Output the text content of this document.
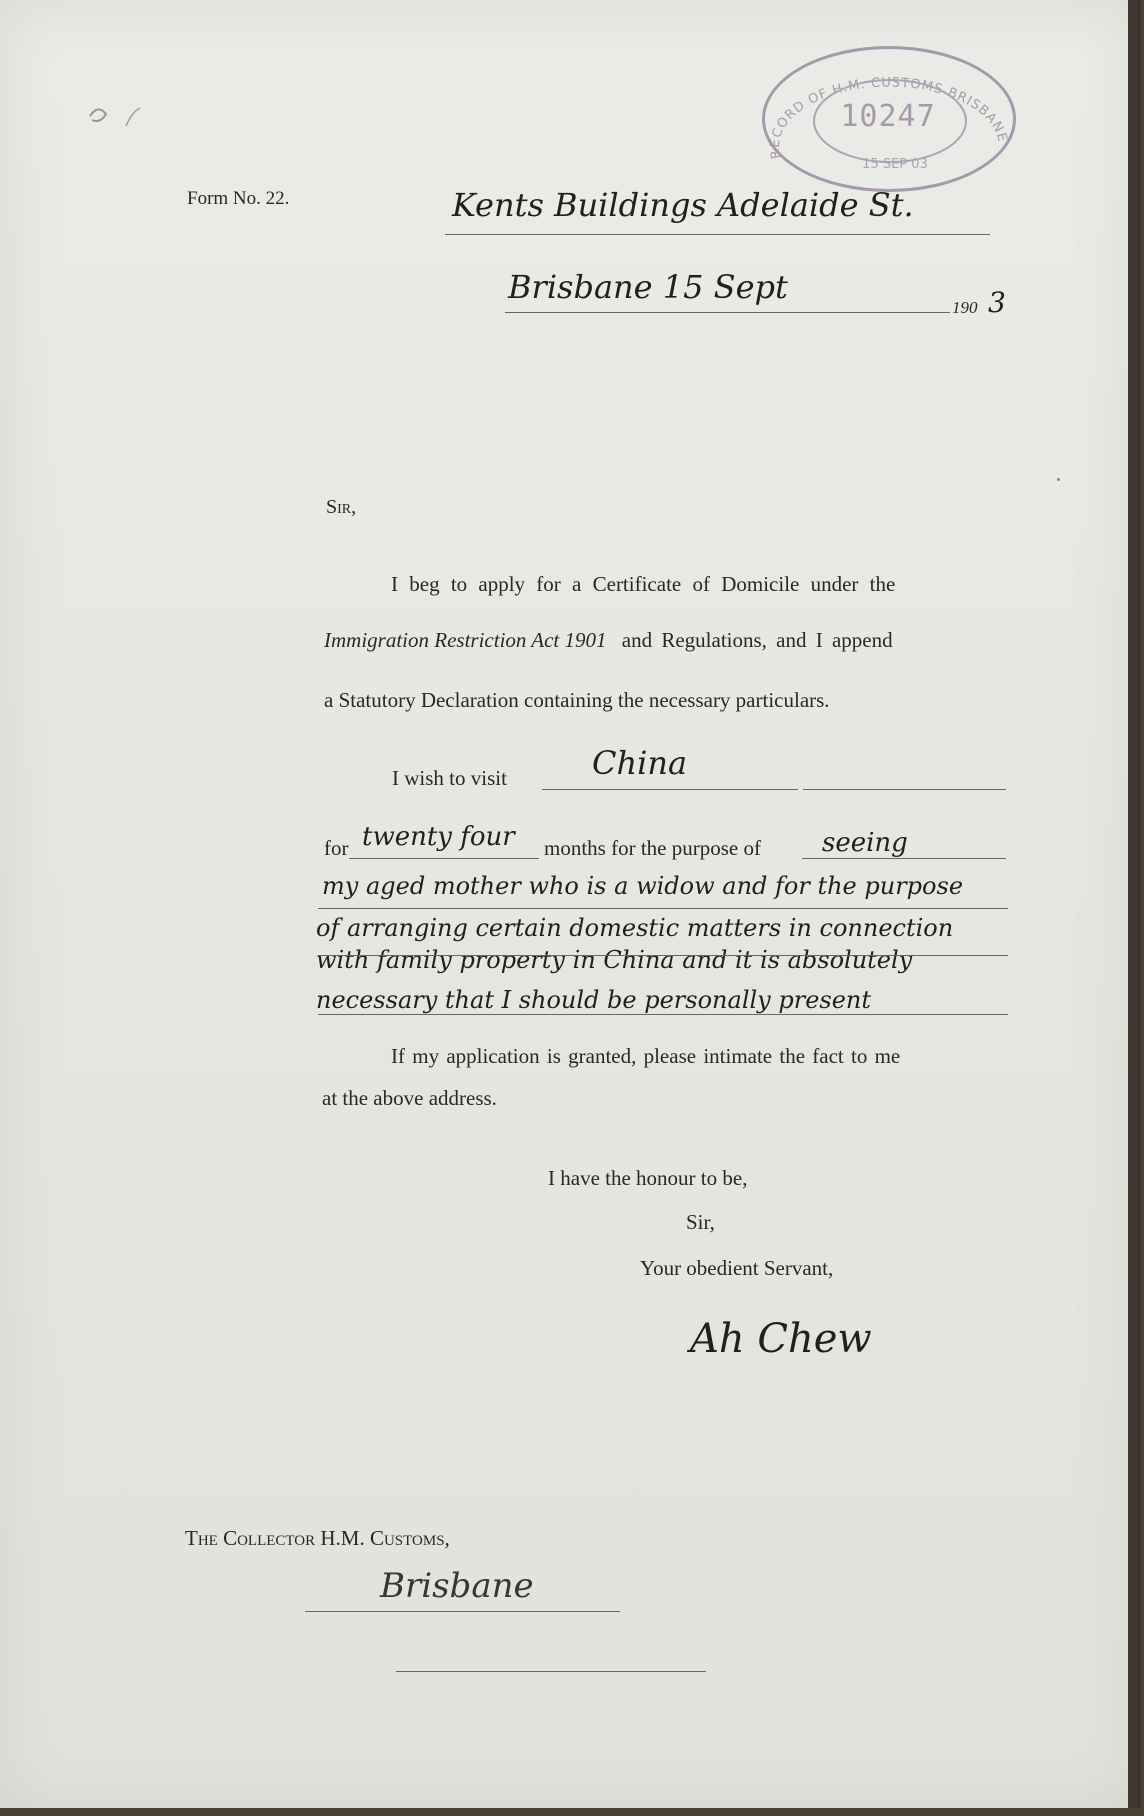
RECORD OF H.M. CUSTOMS BRISBANE
10247
15 SEP 03
Form No. 22.	Kents Buildings Adelaide St.
Brisbane 15 Sept
190 3
Sir,
I beg to apply for a Certificate of Domicile under the
Immigration Restriction Act 1901 and Regulations, and I append
a Statutory Declaration containing the necessary particulars.
I wish to visit	China
for twenty four months for the purpose of seeing
my aged mother who is a widow and for the purpose
of arranging certain domestic matters in connection
with family property in China and it is absolutely
necessary that I should be personally present
If my application is granted, please intimate the fact to me
at the above address.
I have the honour to be,
Sir,
Your obedient Servant,
Ah Chew
The Collector H.M. Customs,
Brisbane
